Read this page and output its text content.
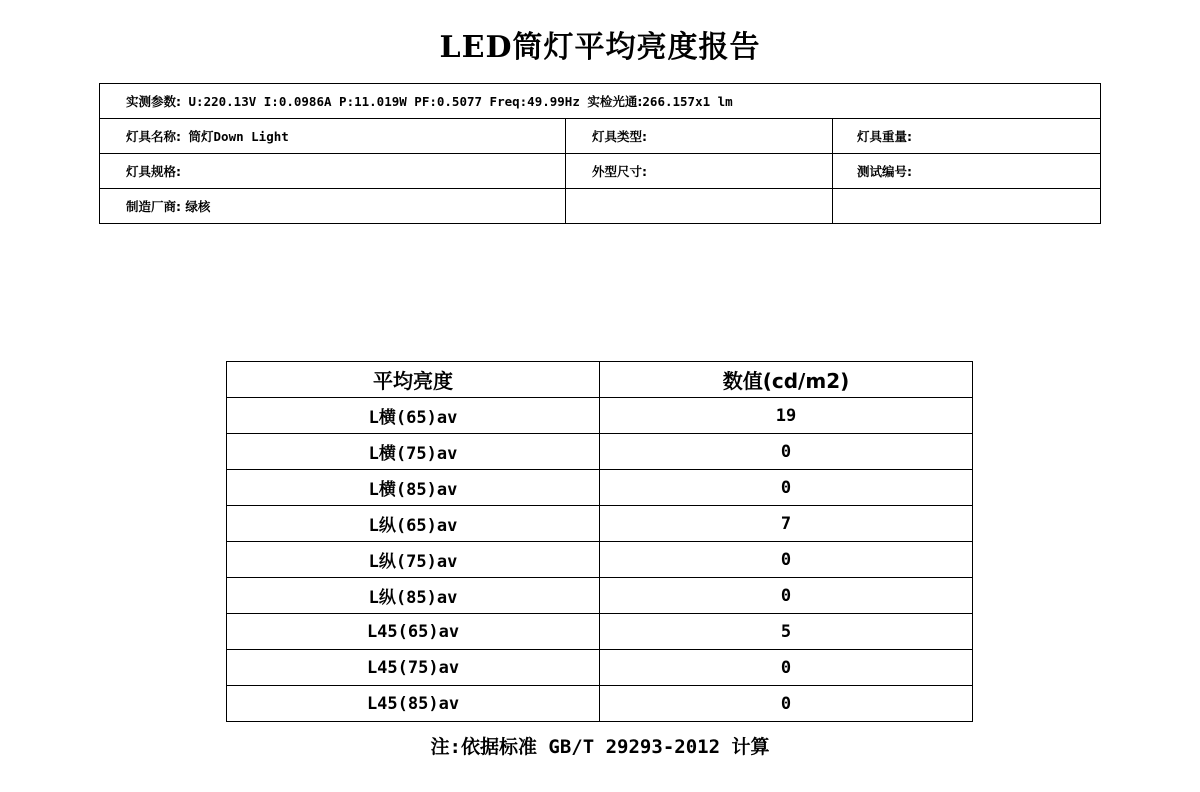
LED筒灯平均亮度报告
实测参数: U:220.13V I:0.0986A P:11.019W PF:0.5077 Freq:49.99Hz 实检光通:266.157x1 lm		
灯具名称: 筒灯Down Light	灯具类型:	灯具重量:
灯具规格:	外型尺寸:	测试编号:
制造厂商: 绿核		
平均亮度	数值(cd/m2)
L横(65)av	19
L横(75)av	0
L横(85)av	0
L纵(65)av	7
L纵(75)av	0
L纵(85)av	0
L45(65)av	5
L45(75)av	0
L45(85)av	0
注:依据标准 GB/T 29293-2012 计算
